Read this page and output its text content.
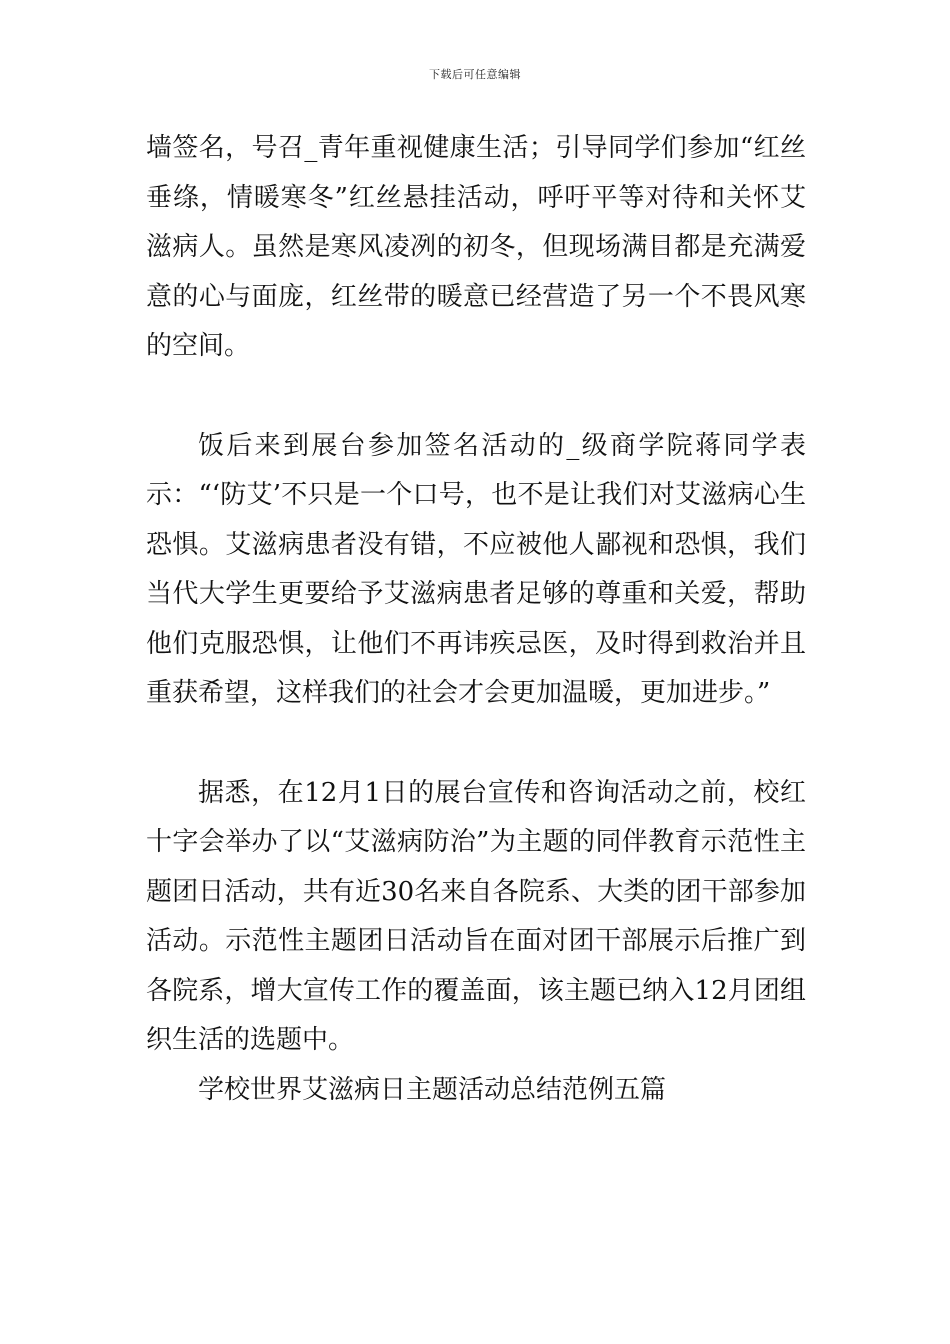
下载后可任意编辑

墙签名，号召_青年重视健康生活；引导同学们参加“红丝垂绦，情暖寒冬”红丝悬挂活动，呼吁平等对待和关怀艾滋病人。虽然是寒风凌冽的初冬，但现场满目都是充满爱意的心与面庞，红丝带的暖意已经营造了另一个不畏风寒的空间。

饭后来到展台参加签名活动的_级商学院蒋同学表示：“‘防艾’不只是一个口号，也不是让我们对艾滋病心生恐惧。艾滋病患者没有错，不应被他人鄙视和恐惧，我们当代大学生更要给予艾滋病患者足够的尊重和关爱，帮助他们克服恐惧，让他们不再讳疾忌医，及时得到救治并且重获希望，这样我们的社会才会更加温暖，更加进步。”

据悉，在12月1日的展台宣传和咨询活动之前，校红十字会举办了以“艾滋病防治”为主题的同伴教育示范性主题团日活动，共有近30名来自各院系、大类的团干部参加活动。示范性主题团日活动旨在面对团干部展示后推广到各院系，增大宣传工作的覆盖面，该主题已纳入12月团组织生活的选题中。

学校世界艾滋病日主题活动总结范例五篇
